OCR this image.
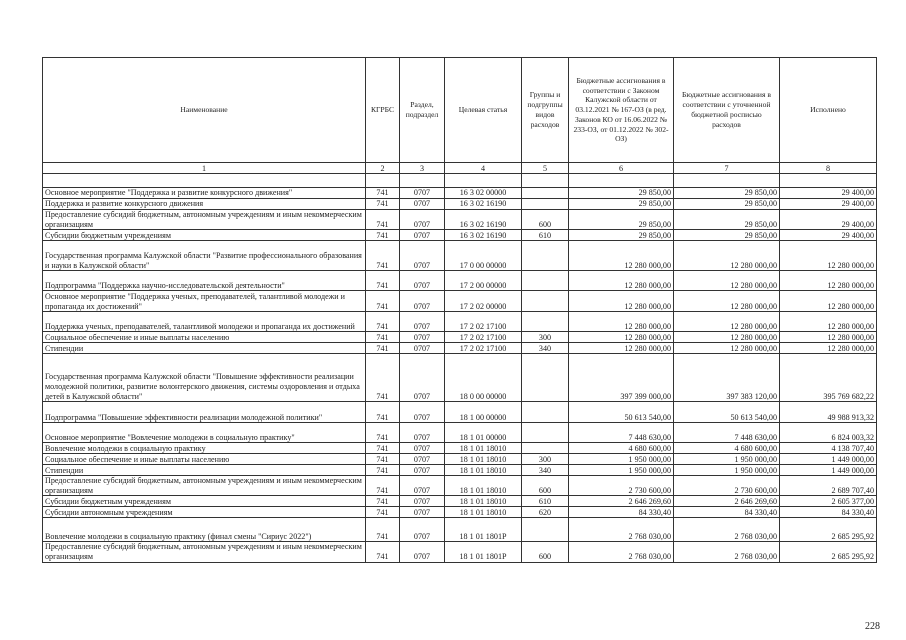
Наименование	КГРБС	Раздел, подраздел	Целевая статья	Группы и подгруппы видов расходов	Бюджетные ассигнования в соответствии с Законом Калужской области от 03.12.2021 № 167-ОЗ (в ред. Законов КО от 16.06.2022 № 233-ОЗ, от 01.12.2022 № 302-ОЗ)	Бюджетные ассигнования в соответствии с уточненной бюджетной росписью расходов	Исполнено
1	2	3	4	5	6	7	8

Основное мероприятие "Поддержка и развитие конкурсного движения"	741	0707	16 3 02 00000		29 850,00	29 850,00	29 400,00
Поддержка и развитие конкурсного движения	741	0707	16 3 02 16190		29 850,00	29 850,00	29 400,00
Предоставление субсидий бюджетным, автономным учреждениям и иным некоммерческим организациям	741	0707	16 3 02 16190	600	29 850,00	29 850,00	29 400,00
Субсидии бюджетным учреждениям	741	0707	16 3 02 16190	610	29 850,00	29 850,00	29 400,00
Государственная программа Калужской области "Развитие профессионального образования и науки в Калужской области"	741	0707	17 0 00 00000		12 280 000,00	12 280 000,00	12 280 000,00
Подпрограмма "Поддержка научно-исследовательской деятельности"	741	0707	17 2 00 00000		12 280 000,00	12 280 000,00	12 280 000,00
Основное мероприятие "Поддержка ученых, преподавателей, талантливой молодежи и пропаганда их достижений"	741	0707	17 2 02 00000		12 280 000,00	12 280 000,00	12 280 000,00
Поддержка ученых, преподавателей, талантливой молодежи и пропаганда их достижений	741	0707	17 2 02 17100		12 280 000,00	12 280 000,00	12 280 000,00
Социальное обеспечение и иные выплаты населению	741	0707	17 2 02 17100	300	12 280 000,00	12 280 000,00	12 280 000,00
Стипендии	741	0707	17 2 02 17100	340	12 280 000,00	12 280 000,00	12 280 000,00
Государственная программа Калужской области "Повышение эффективности реализации молодежной политики, развитие волонтерского движения, системы оздоровления и отдыха детей в Калужской области"	741	0707	18 0 00 00000		397 399 000,00	397 383 120,00	395 769 682,22
Подпрограмма "Повышение эффективности реализации молодежной политики"	741	0707	18 1 00 00000		50 613 540,00	50 613 540,00	49 988 913,32
Основное мероприятие "Вовлечение молодежи в социальную практику"	741	0707	18 1 01 00000		7 448 630,00	7 448 630,00	6 824 003,32
Вовлечение молодежи в социальную практику	741	0707	18 1 01 18010		4 680 600,00	4 680 600,00	4 138 707,40
Социальное обеспечение и иные выплаты населению	741	0707	18 1 01 18010	300	1 950 000,00	1 950 000,00	1 449 000,00
Стипендии	741	0707	18 1 01 18010	340	1 950 000,00	1 950 000,00	1 449 000,00
Предоставление субсидий бюджетным, автономным учреждениям и иным некоммерческим организациям	741	0707	18 1 01 18010	600	2 730 600,00	2 730 600,00	2 689 707,40
Субсидии бюджетным учреждениям	741	0707	18 1 01 18010	610	2 646 269,60	2 646 269,60	2 605 377,00
Субсидии автономным учреждениям	741	0707	18 1 01 18010	620	84 330,40	84 330,40	84 330,40
Вовлечение молодежи в социальную практику (финал смены "Сириус 2022")	741	0707	18 1 01 1801P		2 768 030,00	2 768 030,00	2 685 295,92
Предоставление субсидий бюджетным, автономным учреждениям и иным некоммерческим организациям	741	0707	18 1 01 1801P	600	2 768 030,00	2 768 030,00	2 685 295,92
228
